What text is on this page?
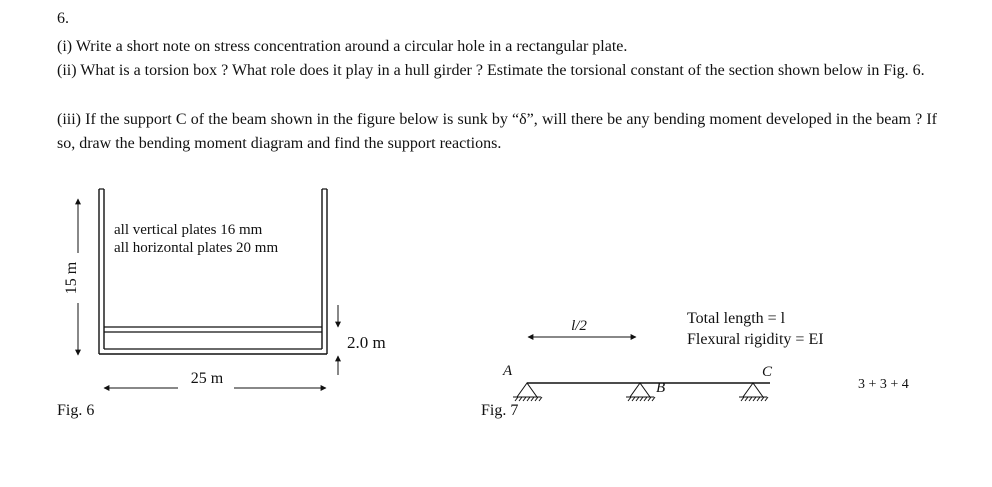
6.
(i) Write a short note on stress concentration around a circular hole in a rectangular plate.
(ii) What is a torsion box ? What role does it play in a hull girder ? Estimate the torsional constant of the section shown below in Fig. 6.
(iii) If the support C of the beam shown in the figure below is sunk by “δ”, will there be any bending moment developed in the beam ? If so, draw the bending moment diagram and find the support reactions.
15 m
25 m
2.0 m
all vertical plates 16 mm
all horizontal plates 20 mm
l/2
A
B
C
Total length = l
Flexural rigidity = EI
Fig. 6	Fig. 7
3 + 3 + 4
